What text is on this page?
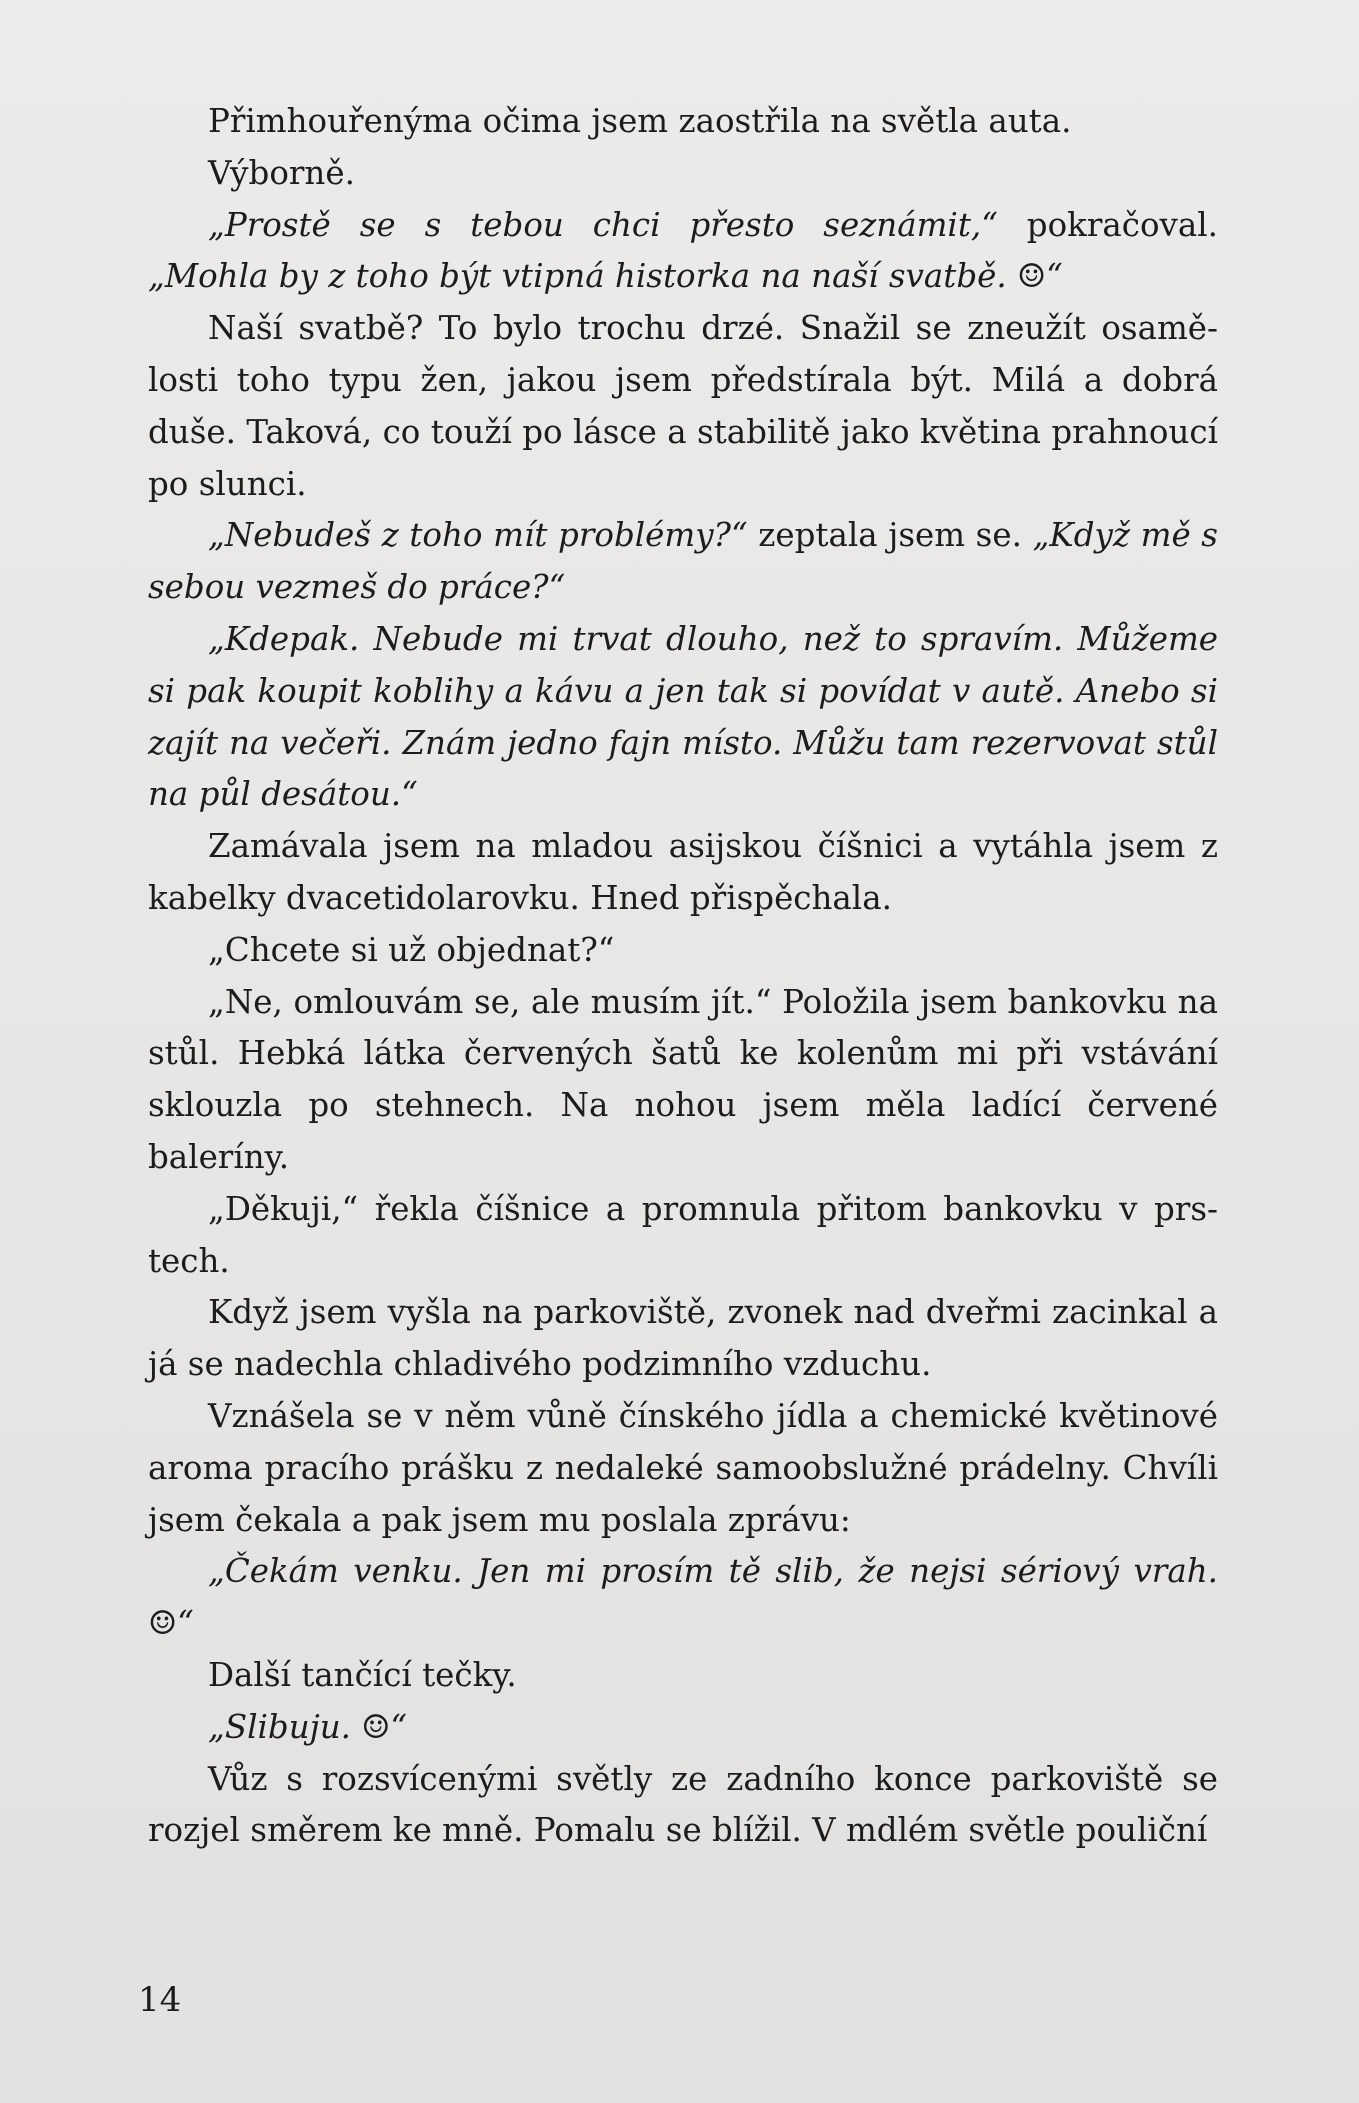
Přimhouřenýma očima jsem zaostřila na světla auta.

Výborně.

„Prostě se s tebou chci přesto seznámit,“ pokračoval. „Mohla by z toho být vtipná historka na naší svatbě. ☺“

Naší svatbě? To bylo trochu drzé. Snažil se zneužít osamělosti toho typu žen, jakou jsem předstírala být. Milá a dobrá duše. Taková, co touží po lásce a stabilitě jako květina prahnoucí po slunci.

„Nebudeš z toho mít problémy?“ zeptala jsem se. „Když mě s sebou vezmeš do práce?“

„Kdepak. Nebude mi trvat dlouho, než to spravím. Můžeme si pak koupit koblihy a kávu a jen tak si povídat v autě. Anebo si zajít na večeři. Znám jedno fajn místo. Můžu tam rezervovat stůl na půl desátou.“

Zamávala jsem na mladou asijskou číšnici a vytáhla jsem z kabelky dvacetidolarovku. Hned přispěchala.

„Chcete si už objednat?“

„Ne, omlouvám se, ale musím jít.“ Položila jsem bankovku na stůl. Hebká látka červených šatů ke kolenům mi při vstávání sklouzla po stehnech. Na nohou jsem měla ladící červené baleríny.

„Děkuji,“ řekla číšnice a promnula přitom bankovku v prstech.

Když jsem vyšla na parkoviště, zvonek nad dveřmi zacinkal a já se nadechla chladivého podzimního vzduchu.

Vznášela se v něm vůně čínského jídla a chemické květinové aroma pracího prášku z nedaleké samoobslužné prádelny. Chvíli jsem čekala a pak jsem mu poslala zprávu:

„Čekám venku. Jen mi prosím tě slib, že nejsi sériový vrah. ☺“

Další tančící tečky.

„Slibuju. ☺“

Vůz s rozsvícenými světly ze zadního konce parkoviště se rozjel směrem ke mně. Pomalu se blížil. V mdlém světle pouliční

14
